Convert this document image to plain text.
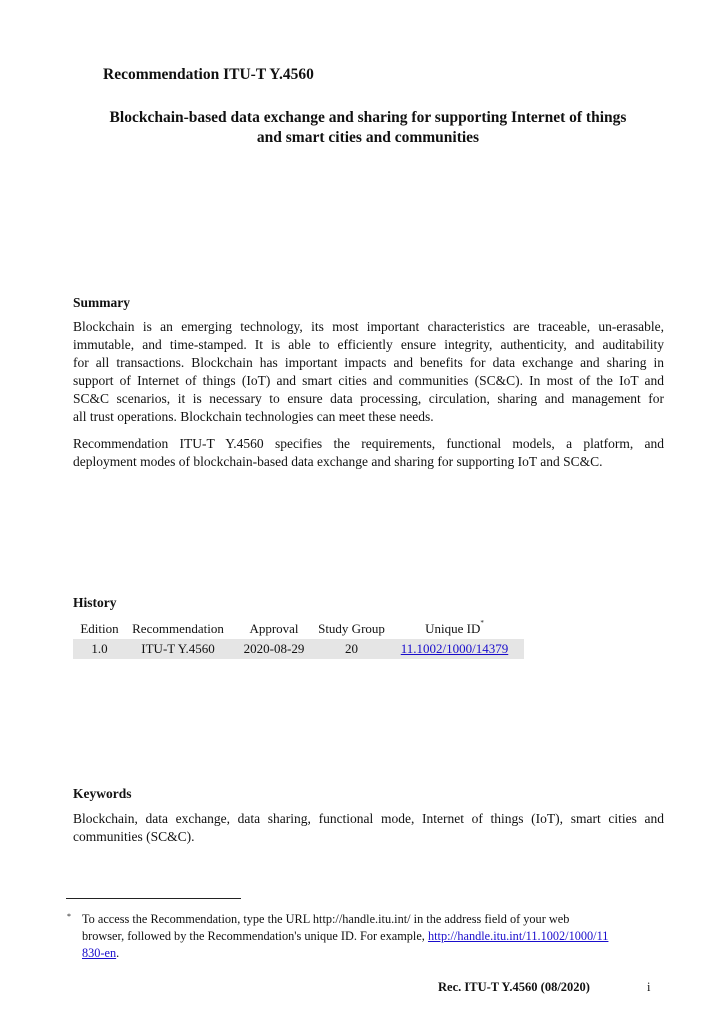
Recommendation ITU-T Y.4560
Blockchain-based data exchange and sharing for supporting Internet of things
and smart cities and communities
Summary
Blockchain is an emerging technology, its most important characteristics are traceable, un-erasable,
immutable, and time-stamped. It is able to efficiently ensure integrity, authenticity, and auditability
for all transactions. Blockchain has important impacts and benefits for data exchange and sharing in
support of Internet of things (IoT) and smart cities and communities (SC&C). In most of the IoT and
SC&C scenarios, it is necessary to ensure data processing, circulation, sharing and management for
all trust operations. Blockchain technologies can meet these needs.
Recommendation ITU-T Y.4560 specifies the requirements, functional models, a platform, and
deployment modes of blockchain-based data exchange and sharing for supporting IoT and SC&C.
History
Edition	Recommendation	Approval	Study Group	Unique ID*
1.0	ITU-T Y.4560	2020-08-29	20	11.1002/1000/14379
Keywords
Blockchain, data exchange, data sharing, functional mode, Internet of things (IoT), smart cities and
communities (SC&C).
* To access the Recommendation, type the URL http://handle.itu.int/ in the address field of your web
browser, followed by the Recommendation's unique ID. For example, http://handle.itu.int/11.1002/1000/11
830-en.
Rec. ITU-T Y.4560 (08/2020)	i
